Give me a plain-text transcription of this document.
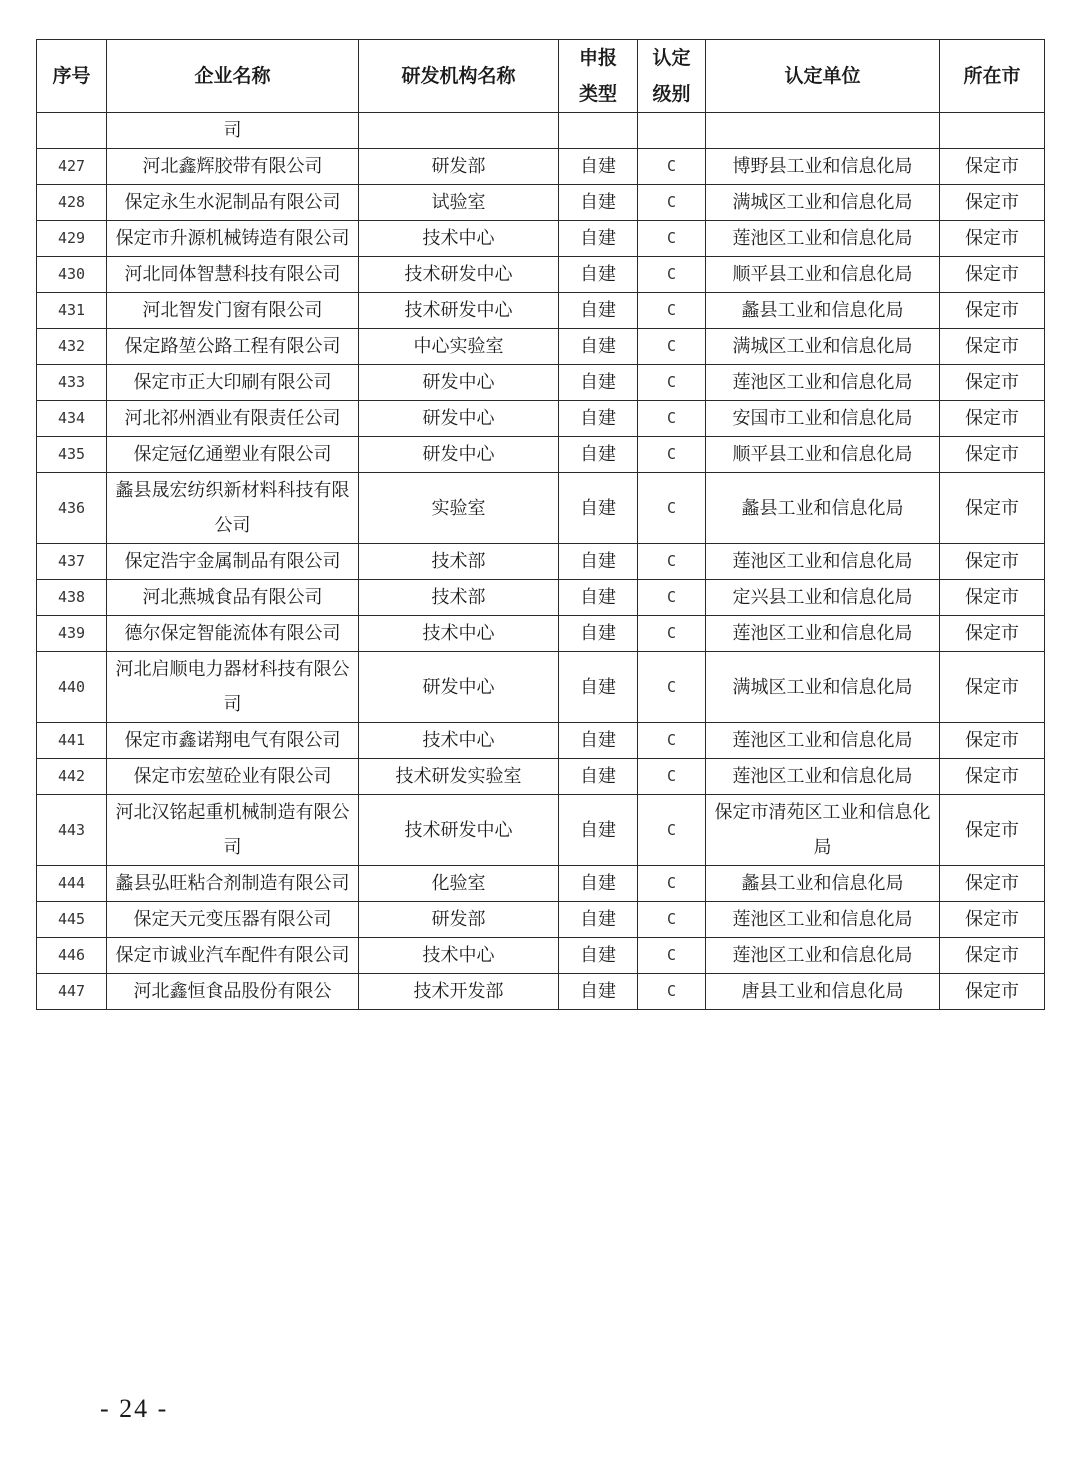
序号	企业名称	研发机构名称	申报类型	认定级别	认定单位	所在市
	司					
427	河北鑫辉胶带有限公司	研发部	自建	C	博野县工业和信息化局	保定市
428	保定永生水泥制品有限公司	试验室	自建	C	满城区工业和信息化局	保定市
429	保定市升源机械铸造有限公司	技术中心	自建	C	莲池区工业和信息化局	保定市
430	河北同体智慧科技有限公司	技术研发中心	自建	C	顺平县工业和信息化局	保定市
431	河北智发门窗有限公司	技术研发中心	自建	C	蠡县工业和信息化局	保定市
432	保定路堃公路工程有限公司	中心实验室	自建	C	满城区工业和信息化局	保定市
433	保定市正大印刷有限公司	研发中心	自建	C	莲池区工业和信息化局	保定市
434	河北祁州酒业有限责任公司	研发中心	自建	C	安国市工业和信息化局	保定市
435	保定冠亿通塑业有限公司	研发中心	自建	C	顺平县工业和信息化局	保定市
436	蠡县晟宏纺织新材料科技有限公司	实验室	自建	C	蠡县工业和信息化局	保定市
437	保定浩宇金属制品有限公司	技术部	自建	C	莲池区工业和信息化局	保定市
438	河北燕城食品有限公司	技术部	自建	C	定兴县工业和信息化局	保定市
439	德尔保定智能流体有限公司	技术中心	自建	C	莲池区工业和信息化局	保定市
440	河北启顺电力器材科技有限公司	研发中心	自建	C	满城区工业和信息化局	保定市
441	保定市鑫诺翔电气有限公司	技术中心	自建	C	莲池区工业和信息化局	保定市
442	保定市宏堃砼业有限公司	技术研发实验室	自建	C	莲池区工业和信息化局	保定市
443	河北汉铭起重机械制造有限公司	技术研发中心	自建	C	保定市清苑区工业和信息化局	保定市
444	蠡县弘旺粘合剂制造有限公司	化验室	自建	C	蠡县工业和信息化局	保定市
445	保定天元变压器有限公司	研发部	自建	C	莲池区工业和信息化局	保定市
446	保定市诚业汽车配件有限公司	技术中心	自建	C	莲池区工业和信息化局	保定市
447	河北鑫恒食品股份有限公	技术开发部	自建	C	唐县工业和信息化局	保定市
- 24 -
